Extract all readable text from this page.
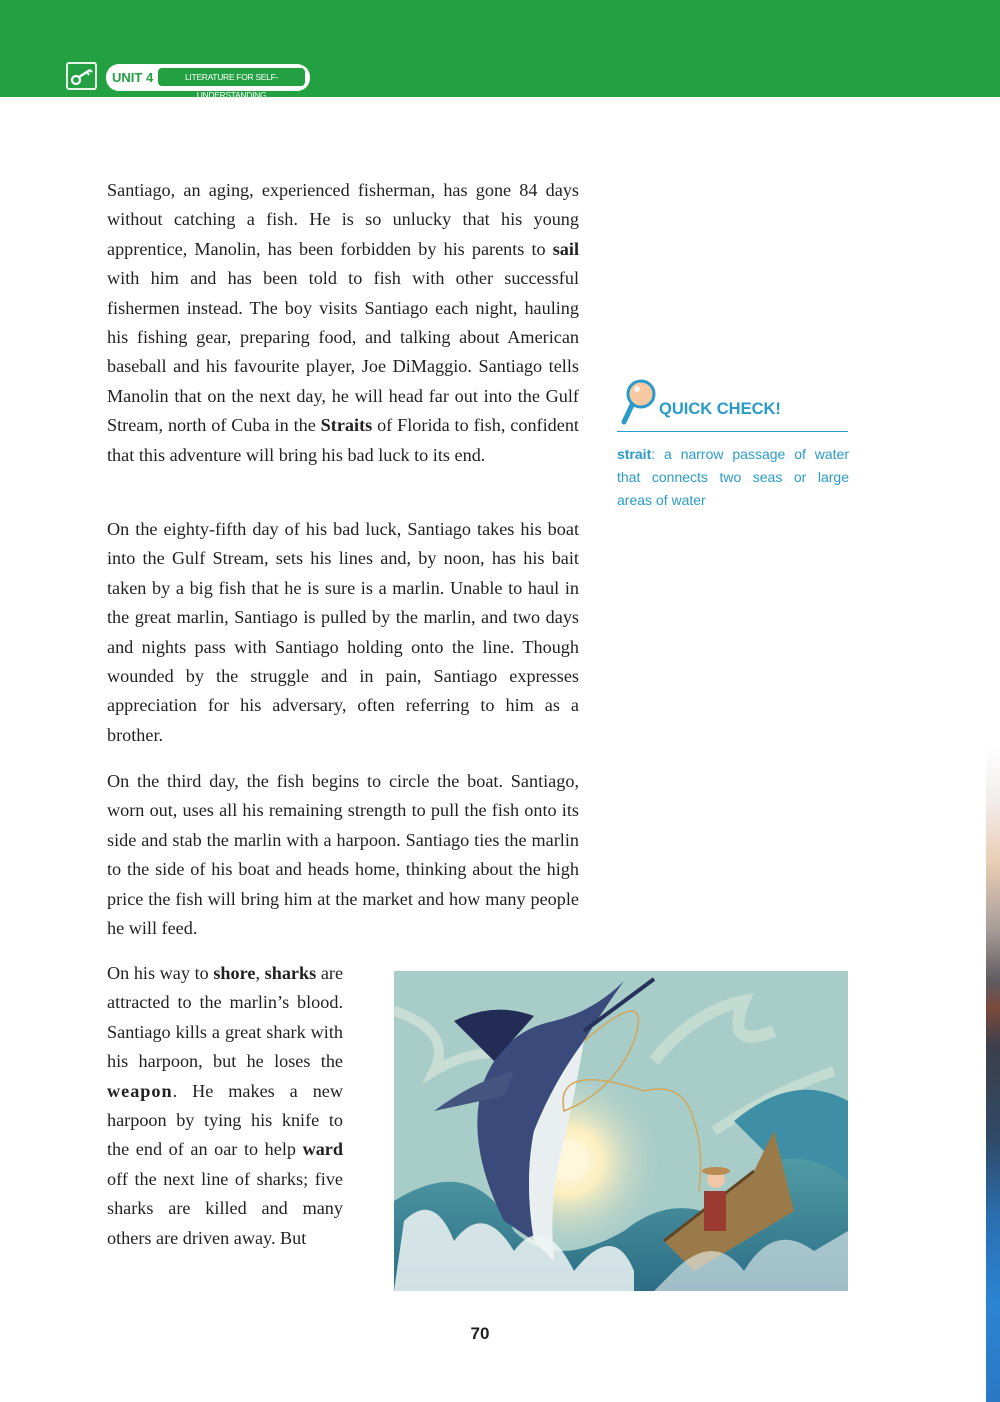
UNIT 4	LITERATURE FOR SELF-UNDERSTANDING

Santiago, an aging, experienced fisherman, has gone 84 days without catching a fish. He is so unlucky that his young apprentice, Manolin, has been forbidden by his parents to sail with him and has been told to fish with other successful fishermen instead. The boy visits Santiago each night, hauling his fishing gear, preparing food, and talking about American baseball and his favourite player, Joe DiMaggio. Santiago tells Manolin that on the next day, he will head far out into the Gulf Stream, north of Cuba in the Straits of Florida to fish, confident that this adventure will bring his bad luck to its end.

On the eighty-fifth day of his bad luck, Santiago takes his boat into the Gulf Stream, sets his lines and, by noon, has his bait taken by a big fish that he is sure is a marlin. Unable to haul in the great marlin, Santiago is pulled by the marlin, and two days and nights pass with Santiago holding onto the line. Though wounded by the struggle and in pain, Santiago expresses appreciation for his adversary, often referring to him as a brother.

On the third day, the fish begins to circle the boat. Santiago, worn out, uses all his remaining strength to pull the fish onto its side and stab the marlin with a harpoon. Santiago ties the marlin to the side of his boat and heads home, thinking about the high price the fish will bring him at the market and how many people he will feed.

On his way to shore, sharks are attracted to the marlin’s blood. Santiago kills a great shark with his harpoon, but he loses the weapon. He makes a new harpoon by tying his knife to the end of an oar to help ward off the next line of sharks; five sharks are killed and many others are driven away. But

QUICK CHECK!
strait: a narrow passage of water that connects two seas or large areas of water
70
